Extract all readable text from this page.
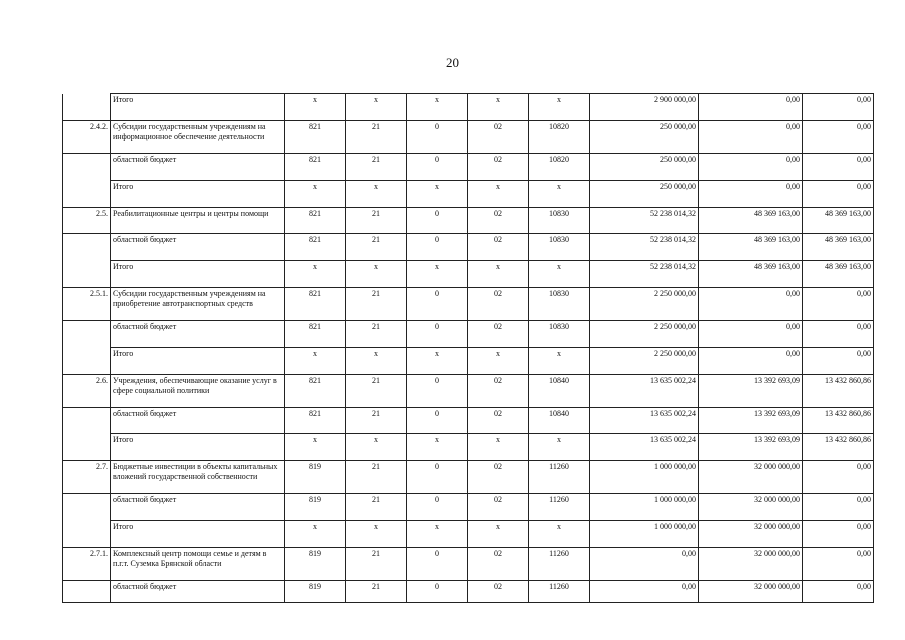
20
	Итого	х	х	х	х	х	2 900 000,00	0,00	0,00
2.4.2.	Субсидии государственным учреждениям на информационное обеспечение деятельности	821	21	0	02	10820	250 000,00	0,00	0,00
	областной бюджет	821	21	0	02	10820	250 000,00	0,00	0,00
	Итого	х	х	х	х	х	250 000,00	0,00	0,00
2.5.	Реабилитационные центры и центры помощи	821	21	0	02	10830	52 238 014,32	48 369 163,00	48 369 163,00
	областной бюджет	821	21	0	02	10830	52 238 014,32	48 369 163,00	48 369 163,00
	Итого	х	х	х	х	х	52 238 014,32	48 369 163,00	48 369 163,00
2.5.1.	Субсидии государственным учреждениям на приобретение автотранспортных средств	821	21	0	02	10830	2 250 000,00	0,00	0,00
	областной бюджет	821	21	0	02	10830	2 250 000,00	0,00	0,00
	Итого	х	х	х	х	х	2 250 000,00	0,00	0,00
2.6.	Учреждения, обеспечивающие оказание услуг в сфере социальной политики	821	21	0	02	10840	13 635 002,24	13 392 693,09	13 432 860,86
	областной бюджет	821	21	0	02	10840	13 635 002,24	13 392 693,09	13 432 860,86
	Итого	х	х	х	х	х	13 635 002,24	13 392 693,09	13 432 860,86
2.7.	Бюджетные инвестиции в объекты капитальных вложений государственной собственности	819	21	0	02	11260	1 000 000,00	32 000 000,00	0,00
	областной бюджет	819	21	0	02	11260	1 000 000,00	32 000 000,00	0,00
	Итого	х	х	х	х	х	1 000 000,00	32 000 000,00	0,00
2.7.1.	Комплексный центр помощи семье и детям в п.г.т. Суземка Брянской области	819	21	0	02	11260	0,00	32 000 000,00	0,00
	областной бюджет	819	21	0	02	11260	0,00	32 000 000,00	0,00
